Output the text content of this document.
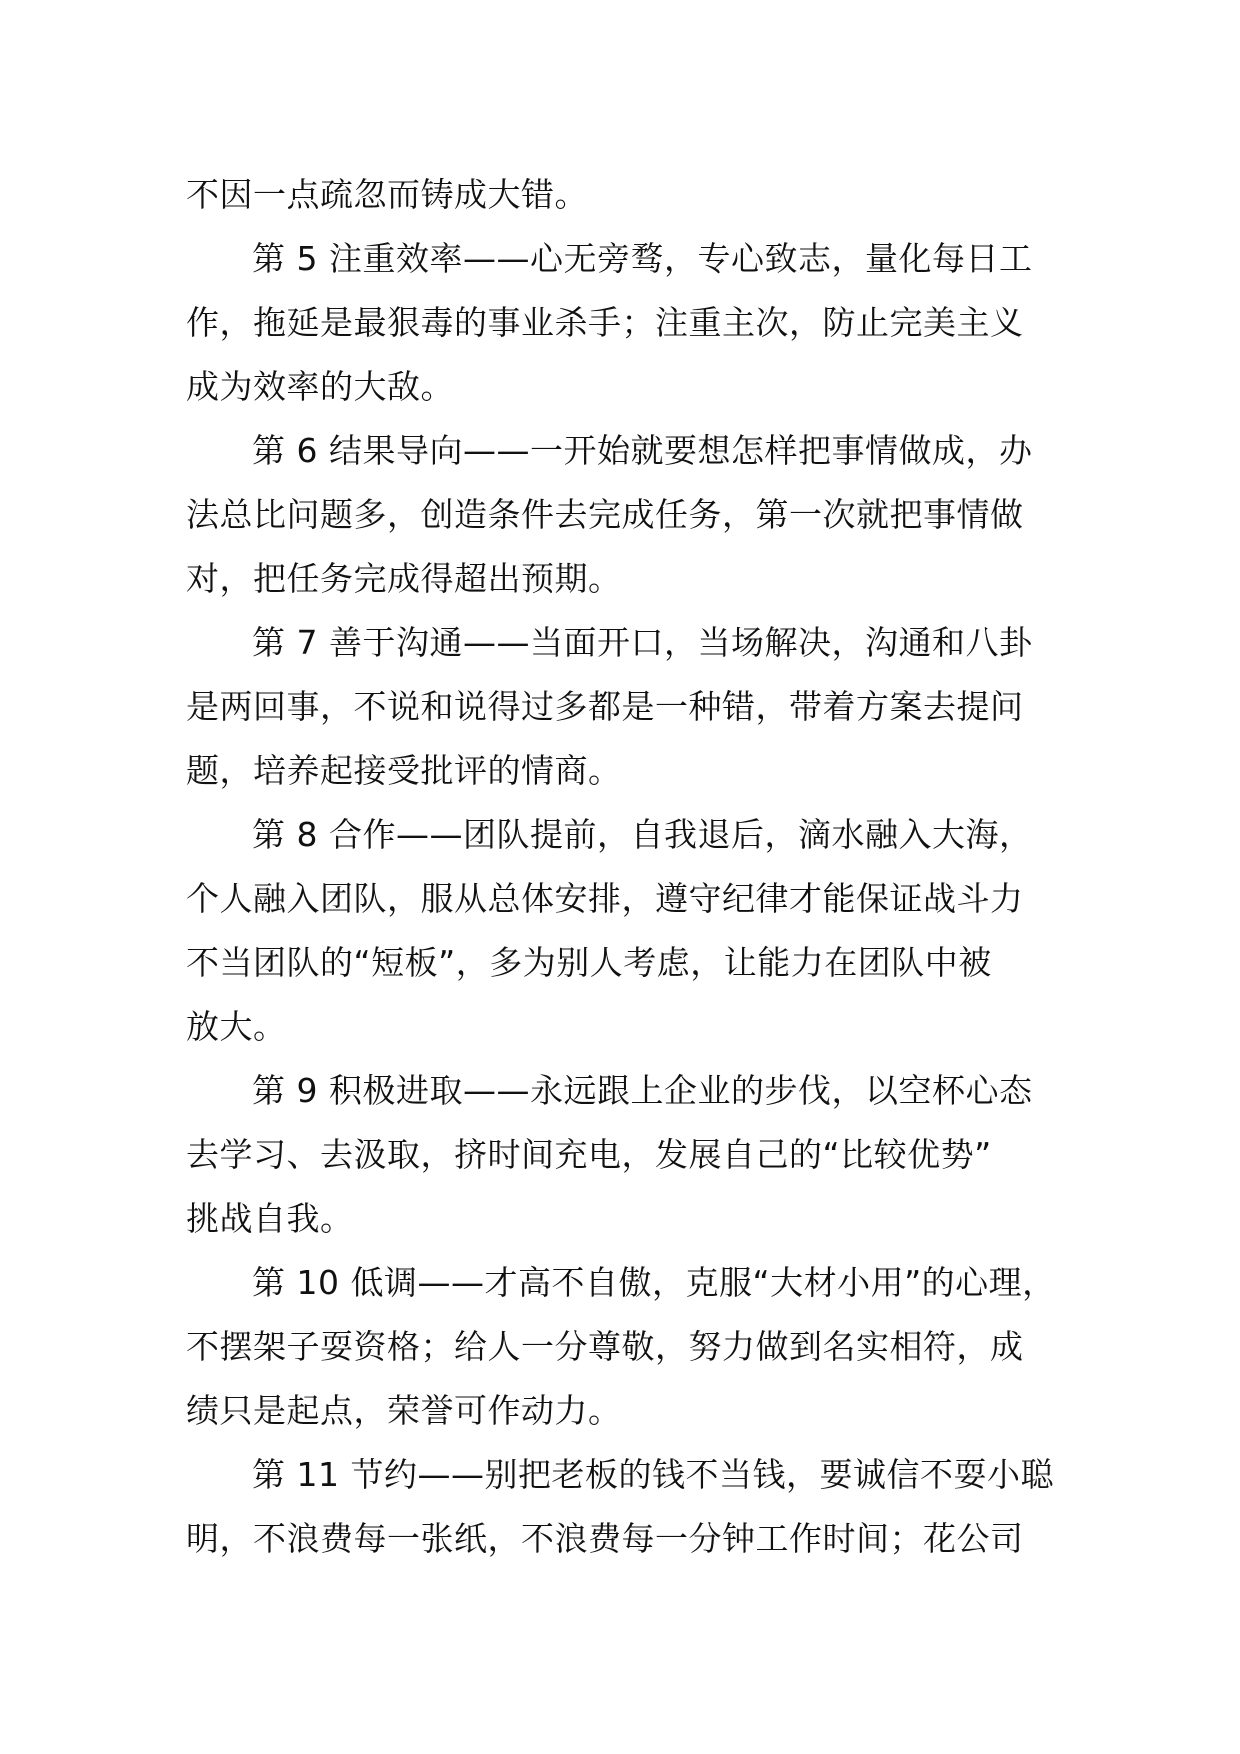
不因一点疏忽而铸成大错。
第 5 注重效率——心无旁骛，专心致志，量化每日工
作，拖延是最狠毒的事业杀手；注重主次，防止完美主义
成为效率的大敌。
第 6 结果导向——一开始就要想怎样把事情做成，办
法总比问题多，创造条件去完成任务，第一次就把事情做
对，把任务完成得超出预期。
第 7 善于沟通——当面开口，当场解决，沟通和八卦
是两回事，不说和说得过多都是一种错，带着方案去提问
题，培养起接受批评的情商。
第 8 合作——团队提前，自我退后，滴水融入大海，
个人融入团队，服从总体安排，遵守纪律才能保证战斗力
不当团队的“短板”，多为别人考虑，让能力在团队中被
放大。
第 9 积极进取——永远跟上企业的步伐，以空杯心态
去学习、去汲取，挤时间充电，发展自己的“比较优势”
挑战自我。
第 10 低调——才高不自傲，克服“大材小用”的心理，
不摆架子耍资格；给人一分尊敬，努力做到名实相符，成
绩只是起点，荣誉可作动力。
第 11 节约——别把老板的钱不当钱，要诚信不耍小聪
明，不浪费每一张纸，不浪费每一分钟工作时间；花公司
